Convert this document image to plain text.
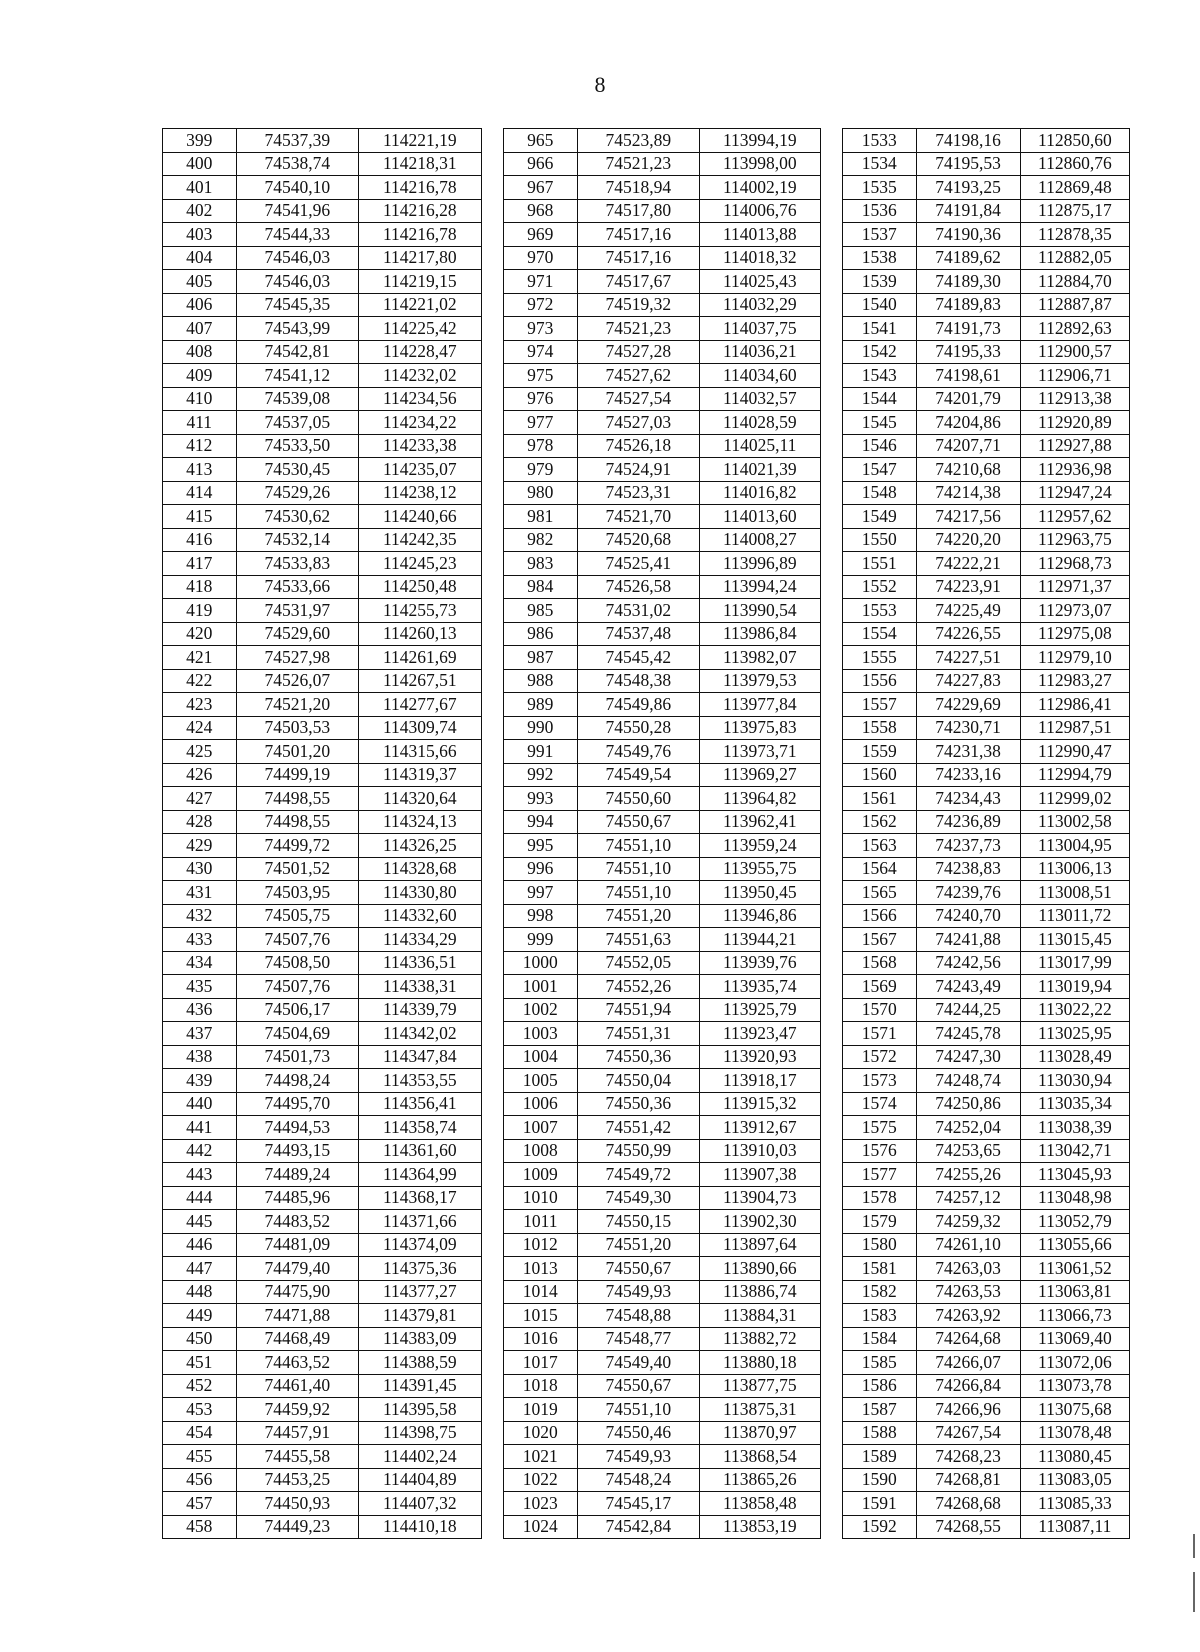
8
399	74537,39	114221,19		965	74523,89	113994,19		1533	74198,16	112850,60
400	74538,74	114218,31		966	74521,23	113998,00		1534	74195,53	112860,76
401	74540,10	114216,78		967	74518,94	114002,19		1535	74193,25	112869,48
402	74541,96	114216,28		968	74517,80	114006,76		1536	74191,84	112875,17
403	74544,33	114216,78		969	74517,16	114013,88		1537	74190,36	112878,35
404	74546,03	114217,80		970	74517,16	114018,32		1538	74189,62	112882,05
405	74546,03	114219,15		971	74517,67	114025,43		1539	74189,30	112884,70
406	74545,35	114221,02		972	74519,32	114032,29		1540	74189,83	112887,87
407	74543,99	114225,42		973	74521,23	114037,75		1541	74191,73	112892,63
408	74542,81	114228,47		974	74527,28	114036,21		1542	74195,33	112900,57
409	74541,12	114232,02		975	74527,62	114034,60		1543	74198,61	112906,71
410	74539,08	114234,56		976	74527,54	114032,57		1544	74201,79	112913,38
411	74537,05	114234,22		977	74527,03	114028,59		1545	74204,86	112920,89
412	74533,50	114233,38		978	74526,18	114025,11		1546	74207,71	112927,88
413	74530,45	114235,07		979	74524,91	114021,39		1547	74210,68	112936,98
414	74529,26	114238,12		980	74523,31	114016,82		1548	74214,38	112947,24
415	74530,62	114240,66		981	74521,70	114013,60		1549	74217,56	112957,62
416	74532,14	114242,35		982	74520,68	114008,27		1550	74220,20	112963,75
417	74533,83	114245,23		983	74525,41	113996,89		1551	74222,21	112968,73
418	74533,66	114250,48		984	74526,58	113994,24		1552	74223,91	112971,37
419	74531,97	114255,73		985	74531,02	113990,54		1553	74225,49	112973,07
420	74529,60	114260,13		986	74537,48	113986,84		1554	74226,55	112975,08
421	74527,98	114261,69		987	74545,42	113982,07		1555	74227,51	112979,10
422	74526,07	114267,51		988	74548,38	113979,53		1556	74227,83	112983,27
423	74521,20	114277,67		989	74549,86	113977,84		1557	74229,69	112986,41
424	74503,53	114309,74		990	74550,28	113975,83		1558	74230,71	112987,51
425	74501,20	114315,66		991	74549,76	113973,71		1559	74231,38	112990,47
426	74499,19	114319,37		992	74549,54	113969,27		1560	74233,16	112994,79
427	74498,55	114320,64		993	74550,60	113964,82		1561	74234,43	112999,02
428	74498,55	114324,13		994	74550,67	113962,41		1562	74236,89	113002,58
429	74499,72	114326,25		995	74551,10	113959,24		1563	74237,73	113004,95
430	74501,52	114328,68		996	74551,10	113955,75		1564	74238,83	113006,13
431	74503,95	114330,80		997	74551,10	113950,45		1565	74239,76	113008,51
432	74505,75	114332,60		998	74551,20	113946,86		1566	74240,70	113011,72
433	74507,76	114334,29		999	74551,63	113944,21		1567	74241,88	113015,45
434	74508,50	114336,51		1000	74552,05	113939,76		1568	74242,56	113017,99
435	74507,76	114338,31		1001	74552,26	113935,74		1569	74243,49	113019,94
436	74506,17	114339,79		1002	74551,94	113925,79		1570	74244,25	113022,22
437	74504,69	114342,02		1003	74551,31	113923,47		1571	74245,78	113025,95
438	74501,73	114347,84		1004	74550,36	113920,93		1572	74247,30	113028,49
439	74498,24	114353,55		1005	74550,04	113918,17		1573	74248,74	113030,94
440	74495,70	114356,41		1006	74550,36	113915,32		1574	74250,86	113035,34
441	74494,53	114358,74		1007	74551,42	113912,67		1575	74252,04	113038,39
442	74493,15	114361,60		1008	74550,99	113910,03		1576	74253,65	113042,71
443	74489,24	114364,99		1009	74549,72	113907,38		1577	74255,26	113045,93
444	74485,96	114368,17		1010	74549,30	113904,73		1578	74257,12	113048,98
445	74483,52	114371,66		1011	74550,15	113902,30		1579	74259,32	113052,79
446	74481,09	114374,09		1012	74551,20	113897,64		1580	74261,10	113055,66
447	74479,40	114375,36		1013	74550,67	113890,66		1581	74263,03	113061,52
448	74475,90	114377,27		1014	74549,93	113886,74		1582	74263,53	113063,81
449	74471,88	114379,81		1015	74548,88	113884,31		1583	74263,92	113066,73
450	74468,49	114383,09		1016	74548,77	113882,72		1584	74264,68	113069,40
451	74463,52	114388,59		1017	74549,40	113880,18		1585	74266,07	113072,06
452	74461,40	114391,45		1018	74550,67	113877,75		1586	74266,84	113073,78
453	74459,92	114395,58		1019	74551,10	113875,31		1587	74266,96	113075,68
454	74457,91	114398,75		1020	74550,46	113870,97		1588	74267,54	113078,48
455	74455,58	114402,24		1021	74549,93	113868,54		1589	74268,23	113080,45
456	74453,25	114404,89		1022	74548,24	113865,26		1590	74268,81	113083,05
457	74450,93	114407,32		1023	74545,17	113858,48		1591	74268,68	113085,33
458	74449,23	114410,18		1024	74542,84	113853,19		1592	74268,55	113087,11
